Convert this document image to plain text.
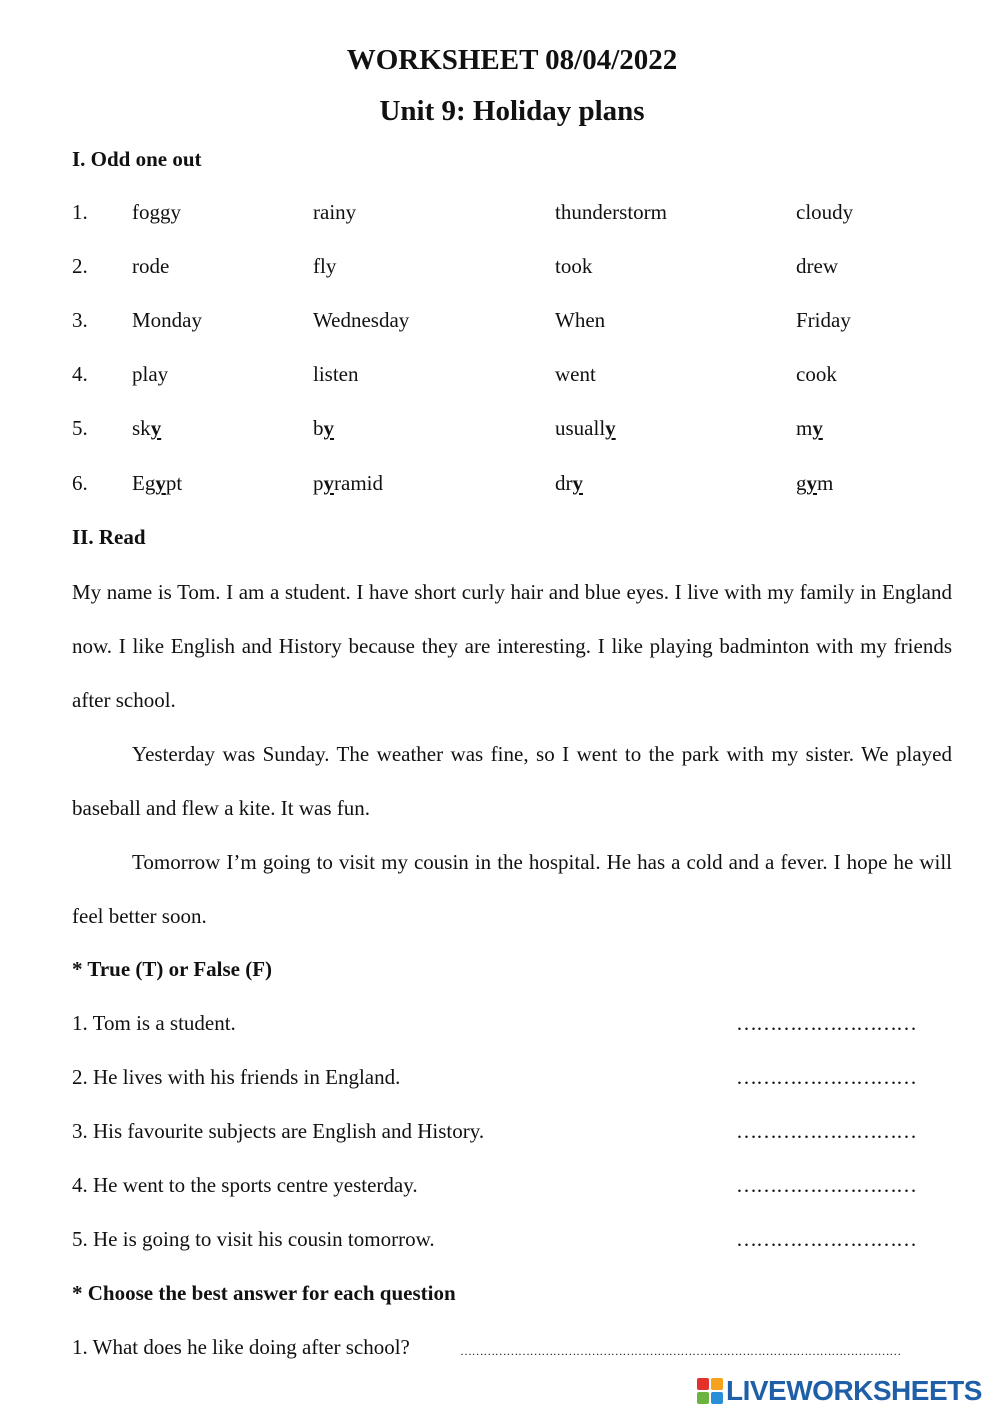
WORKSHEET 08/04/2022
Unit 9: Holiday plans
I. Odd one out
1. foggy	rainy	thunderstorm	cloudy
2. rode	fly	took	drew
3. Monday	Wednesday	When	Friday
4. play	listen	went	cook
5. sky	by	usually	my
6. Egypt	pyramid	dry	gym
II. Read

My name is Tom. I am a student. I have short curly hair and blue eyes. I live with my family in England now. I like English and History because they are interesting. I like playing badminton with my friends after school.

Yesterday was Sunday. The weather was fine, so I went to the park with my sister. We played baseball and flew a kite. It was fun.

Tomorrow I’m going to visit my cousin in the hospital. He has a cold and a fever. I hope he will feel better soon.

* True (T) or False (F)
1. Tom is a student.	………………………
2. He lives with his friends in England.	………………………
3. His favourite subjects are English and History.	………………………
4. He went to the sports centre yesterday.	………………………
5. He is going to visit his cousin tomorrow.	………………………
* Choose the best answer for each question
1. What does he like doing after school?	……………………………………………………………………………………………………
LIVEWORKSHEETS
